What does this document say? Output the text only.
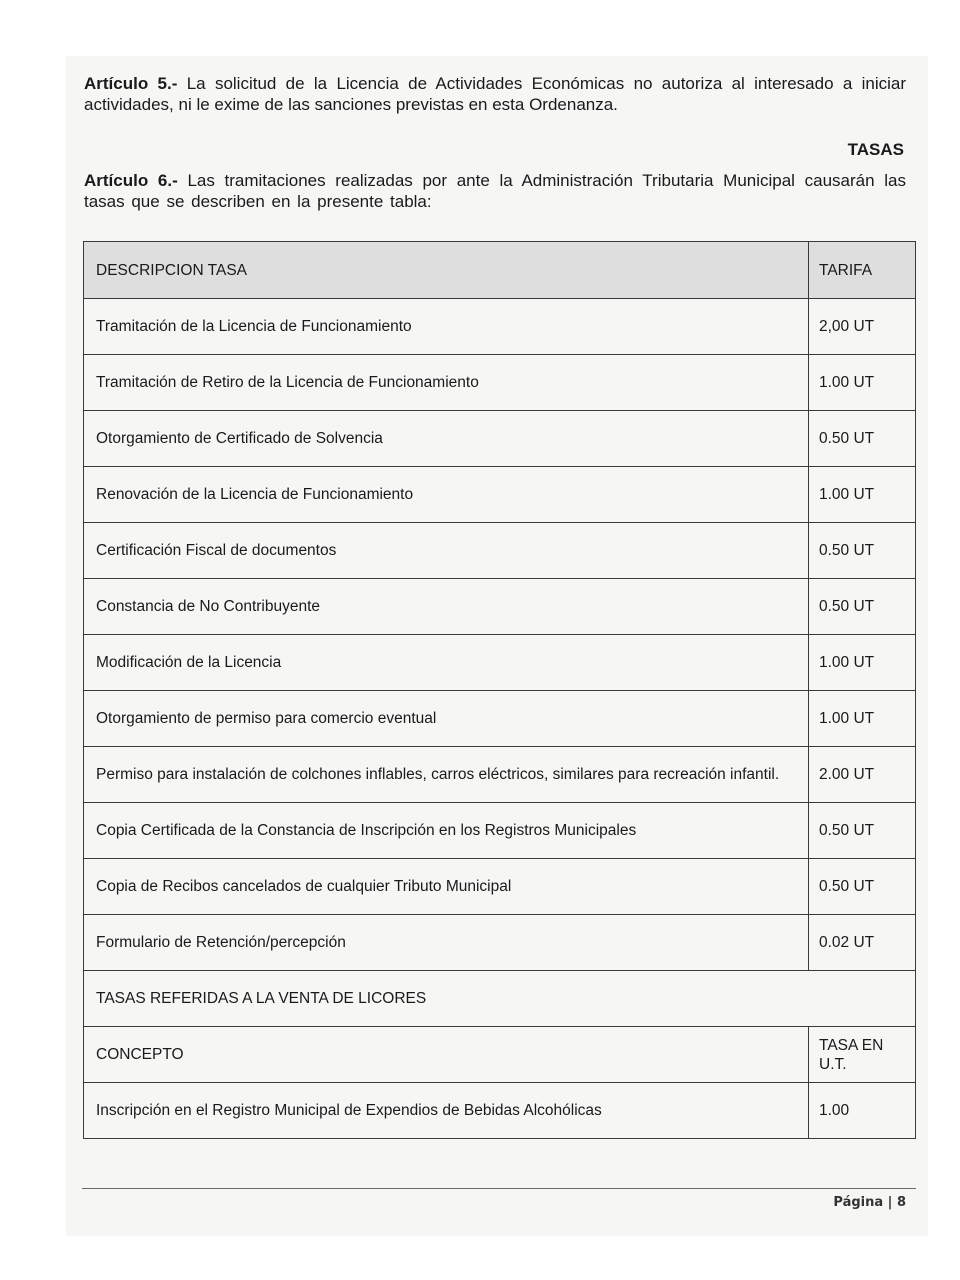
Artículo 5.- La solicitud de la Licencia de Actividades Económicas no autoriza al interesado a iniciar actividades, ni le exime de las sanciones previstas en esta Ordenanza.
TASAS
Artículo 6.- Las tramitaciones realizadas por ante la Administración Tributaria Municipal causarán las tasas que se describen en la presente tabla:
DESCRIPCION TASA	TARIFA
Tramitación de la Licencia de Funcionamiento	2,00 UT
Tramitación de Retiro de la Licencia de Funcionamiento	1.00 UT
Otorgamiento de Certificado de Solvencia	0.50 UT
Renovación de la Licencia de Funcionamiento	1.00 UT
Certificación Fiscal de documentos	0.50 UT
Constancia de No Contribuyente	0.50 UT
Modificación de la Licencia	1.00 UT
Otorgamiento de permiso para comercio eventual	1.00 UT
Permiso para instalación de colchones inflables, carros eléctricos, similares para recreación infantil.	2.00 UT
Copia Certificada de la Constancia de Inscripción en los Registros Municipales	0.50 UT
Copia de Recibos cancelados de cualquier Tributo Municipal	0.50 UT
Formulario de Retención/percepción	0.02 UT
TASAS REFERIDAS A LA VENTA DE LICORES	
CONCEPTO	TASA EN U.T.
Inscripción en el Registro Municipal de Expendios de Bebidas Alcohólicas	1.00
Página | 8
